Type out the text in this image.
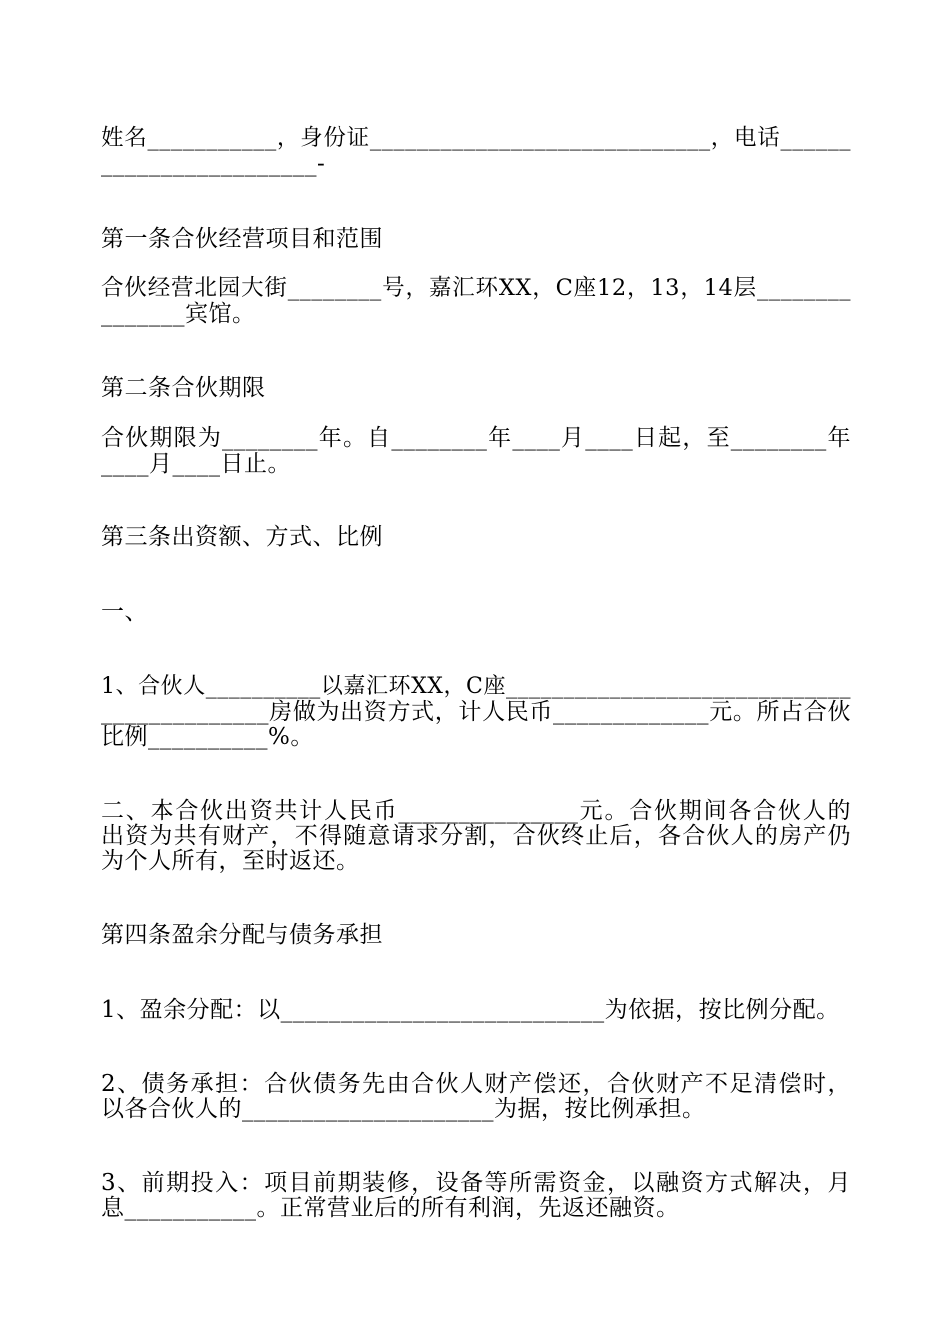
姓名___________，身份证_____________________________，电话______
__________________-
第一条合伙经营项目和范围
合伙经营北园大街________号，嘉汇环XX，C座12，13，14层________
_______宾馆。
第二条合伙期限
合伙期限为________年。自________年____月____日起，至________年
____月____日止。
第三条出资额、方式、比例
一、
1、合伙人__________以嘉汇环XX，C座______________________________
______________房做为出资方式，计人民币_____________元。所占合伙
比例__________%。
二、本合伙出资共计人民币_______________元。合伙期间各合伙人的
出资为共有财产，不得随意请求分割，合伙终止后，各合伙人的房产仍
为个人所有，至时返还。
第四条盈余分配与债务承担
1、盈余分配：以___________________________为依据，按比例分配。
2、债务承担：合伙债务先由合伙人财产偿还，合伙财产不足清偿时，
以各合伙人的_____________________为据，按比例承担。
3、前期投入：项目前期装修，设备等所需资金，以融资方式解决，月
息___________。正常营业后的所有利润，先返还融资。
